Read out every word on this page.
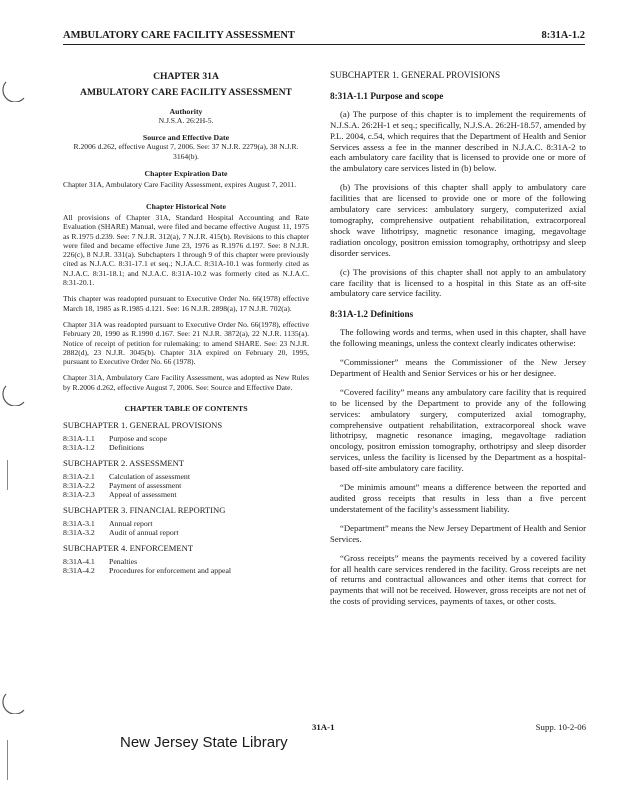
AMBULATORY CARE FACILITY ASSESSMENT	8:31A-1.2
CHAPTER 31A
AMBULATORY CARE FACILITY ASSESSMENT
Authority
N.J.S.A. 26:2H-5.
Source and Effective Date
R.2006 d.262, effective August 7, 2006. See: 37 N.J.R. 2279(a), 38 N.J.R. 3164(b).
Chapter Expiration Date

Chapter 31A, Ambulatory Care Facility Assessment, expires August 7, 2011.

Chapter Historical Note

All provisions of Chapter 31A, Standard Hospital Accounting and Rate Evaluation (SHARE) Manual, were filed and became effective August 11, 1975 as R.1975 d.239. See: 7 N.J.R. 312(a), 7 N.J.R. 415(b). Revisions to this chapter were filed and became effective June 23, 1976 as R.1976 d.197. See: 8 N.J.R. 226(c), 8 N.J.R. 331(a). Subchapters 1 through 9 of this chapter were previously cited as N.J.A.C. 8:31-17.1 et seq.; N.J.A.C. 8:31A-10.1 was formerly cited as N.J.A.C. 8:31-18.1; and N.J.A.C. 8:31A-10.2 was formerly cited as N.J.A.C. 8:31-20.1.

This chapter was readopted pursuant to Executive Order No. 66(1978) effective March 18, 1985 as R.1985 d.121. See: 16 N.J.R. 2898(a), 17 N.J.R. 702(a).

Chapter 31A was readopted pursuant to Executive Order No. 66(1978), effective February 20, 1990 as R.1990 d.167. See: 21 N.J.R. 3872(a), 22 N.J.R. 1135(a). Notice of receipt of petition for rulemaking: to amend SHARE. See: 23 N.J.R. 2882(d), 23 N.J.R. 3045(b). Chapter 31A expired on February 20, 1995, pursuant to Executive Order No. 66 (1978).

Chapter 31A, Ambulatory Care Facility Assessment, was adopted as New Rules by R.2006 d.262, effective August 7, 2006. See: Source and Effective Date.

CHAPTER TABLE OF CONTENTS
SUBCHAPTER 1. GENERAL PROVISIONS
8:31A-1.1	Purpose and scope
8:31A-1.2	Definitions
SUBCHAPTER 2. ASSESSMENT
8:31A-2.1	Calculation of assessment
8:31A-2.2	Payment of assessment
8:31A-2.3	Appeal of assessment
SUBCHAPTER 3. FINANCIAL REPORTING
8:31A-3.1	Annual report
8:31A-3.2	Audit of annual report
SUBCHAPTER 4. ENFORCEMENT
8:31A-4.1	Penalties
8:31A-4.2	Procedures for enforcement and appeal
SUBCHAPTER 1. GENERAL PROVISIONS
8:31A-1.1 Purpose and scope

(a) The purpose of this chapter is to implement the requirements of N.J.S.A. 26:2H-1 et seq.; specifically, N.J.S.A. 26:2H-18.57, amended by P.L. 2004, c.54, which requires that the Department of Health and Senior Services assess a fee in the manner described in N.J.A.C. 8:31A-2 to each ambulatory care facility that is licensed to provide one or more of the ambulatory care services listed in (b) below.

(b) The provisions of this chapter shall apply to ambulatory care facilities that are licensed to provide one or more of the following ambulatory care services: ambulatory surgery, computerized axial tomography, comprehensive outpatient rehabilitation, extracorporeal shock wave lithotripsy, magnetic resonance imaging, megavoltage radiation oncology, positron emission tomography, orthotripsy and sleep disorder services.

(c) The provisions of this chapter shall not apply to an ambulatory care facility that is licensed to a hospital in this State as an off-site ambulatory care service facility.

8:31A-1.2 Definitions

The following words and terms, when used in this chapter, shall have the following meanings, unless the context clearly indicates otherwise:

“Commissioner” means the Commissioner of the New Jersey Department of Health and Senior Services or his or her designee.

“Covered facility” means any ambulatory care facility that is required to be licensed by the Department to provide any of the following services: ambulatory surgery, computerized axial tomography, comprehensive outpatient rehabilitation, extracorporeal shock wave lithotripsy, magnetic resonance imaging, megavoltage radiation oncology, positron emission tomography, orthotripsy and sleep disorder services, unless the facility is licensed by the Department as a hospital-based off-site ambulatory care facility.

“De minimis amount” means a difference between the reported and audited gross receipts that results in less than a five percent understatement of the facility’s assessment liability.

“Department” means the New Jersey Department of Health and Senior Services.

“Gross receipts” means the payments received by a covered facility for all health care services rendered in the facility. Gross receipts are net of returns and contractual allowances and other items that correct for payments that will not be received. However, gross receipts are not net of the costs of providing services, payments of taxes, or other costs.

31A-1	Supp. 10-2-06
New Jersey State Library
